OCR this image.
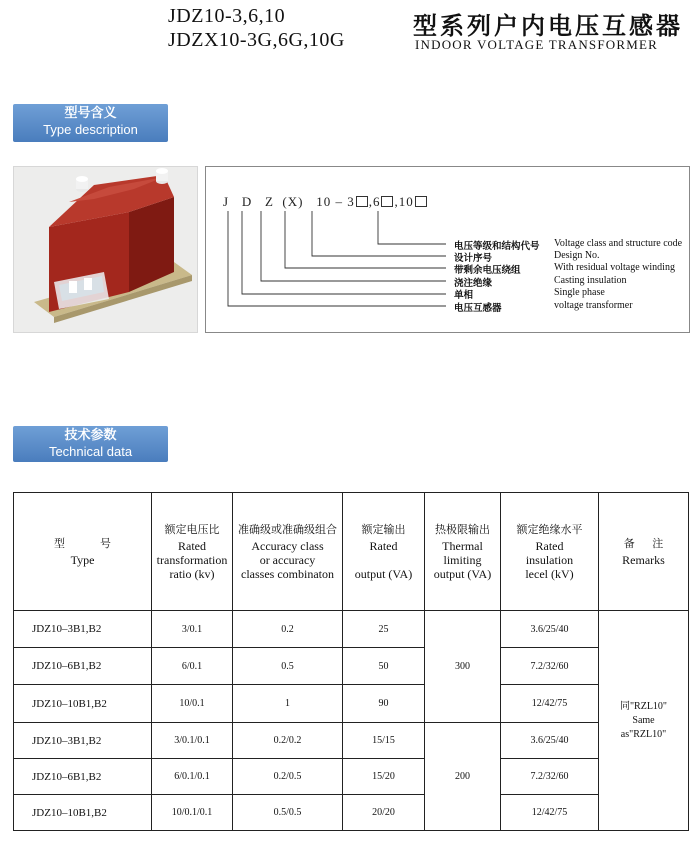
JDZ10-3,6,10
JDZX10-3G,6G,10G	型系列户内电压互感器
INDOOR VOLTAGE TRANSFORMER
型号含义
Type description
J D Z (X) 10 – 3 ,6 ,10
电压等级和结构代号 Voltage class and structure code
设计序号	Design No.
带剩余电压绕组	With residual voltage winding
浇注绝缘	Casting insulation
单相	Single phase
电压互感器	voltage transformer
技术参数
Technical data
型 号
Type	额定电压比
Rated
transformation
ratio (kv)	准确级或准确级组合
Accuracy class
or accuracy
classes combinaton	额定输出
Rated

output (VA)	热极限输出
Thermal
limiting
output (VA)	额定绝缘水平
Rated
insulation
lecel (kV)	备 注
Remarks
JDZ10–3B1,B2	3/0.1	0.2	25	300	3.6/25/40	同"RZL10"
Same
as"RZL10"

JDZ10–6B1,B2	6/0.1	0.5	50		7.2/32/60	
JDZ10–10B1,B2	10/0.1	1	90		12/42/75	
JDZ10–3B1,B2	3/0.1/0.1	0.2/0.2	15/15	200	3.6/25/40	
JDZ10–6B1,B2	6/0.1/0.1	0.2/0.5	15/20		7.2/32/60	
JDZ10–10B1,B2	10/0.1/0.1	0.5/0.5	20/20		12/42/75	
